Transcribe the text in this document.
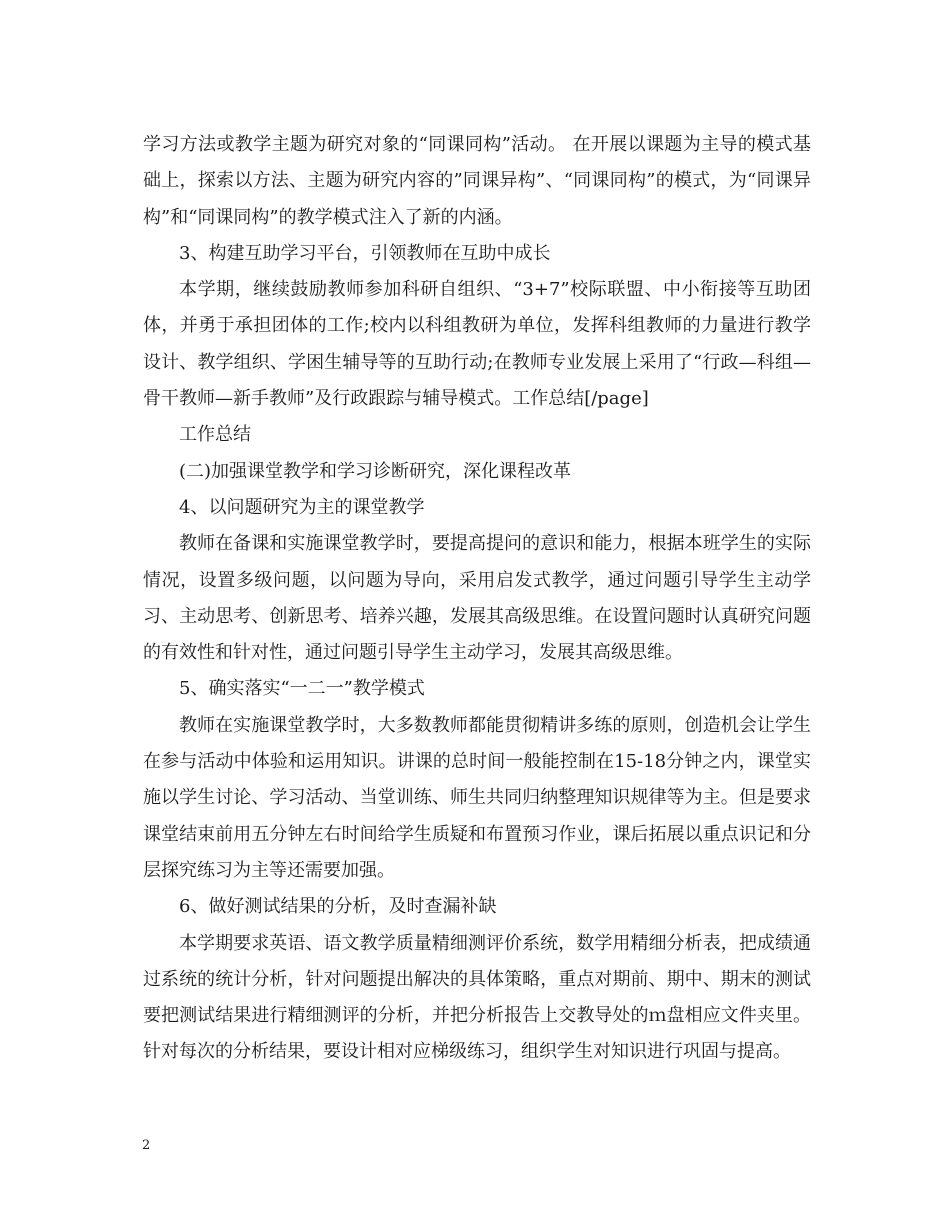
学习方法或教学主题为研究对象的“同课同构”活动。 在开展以课题为主导的模式基础上，探索以方法、主题为研究内容的”同课异构”、“同课同构”的模式，为“同课异构”和“同课同构”的教学模式注入了新的内涵。

3、构建互助学习平台，引领教师在互助中成长

本学期，继续鼓励教师参加科研自组织、“3+7”校际联盟、中小衔接等互助团体，并勇于承担团体的工作;校内以科组教研为单位，发挥科组教师的力量进行教学设计、教学组织、学困生辅导等的互助行动;在教师专业发展上采用了“行政—科组—骨干教师—新手教师”及行政跟踪与辅导模式。工作总结[/page]

工作总结

(二)加强课堂教学和学习诊断研究，深化课程改革

4、以问题研究为主的课堂教学

教师在备课和实施课堂教学时，要提高提问的意识和能力，根据本班学生的实际情况，设置多级问题，以问题为导向，采用启发式教学，通过问题引导学生主动学习、主动思考、创新思考、培养兴趣，发展其高级思维。在设置问题时认真研究问题的有效性和针对性，通过问题引导学生主动学习，发展其高级思维。

5、确实落实“一二一”教学模式

教师在实施课堂教学时，大多数教师都能贯彻精讲多练的原则，创造机会让学生在参与活动中体验和运用知识。讲课的总时间一般能控制在15-18分钟之内，课堂实施以学生讨论、学习活动、当堂训练、师生共同归纳整理知识规律等为主。但是要求课堂结束前用五分钟左右时间给学生质疑和布置预习作业，课后拓展以重点识记和分层探究练习为主等还需要加强。

6、做好测试结果的分析，及时查漏补缺

本学期要求英语、语文教学质量精细测评价系统，数学用精细分析表，把成绩通过系统的统计分析，针对问题提出解决的具体策略，重点对期前、期中、期末的测试要把测试结果进行精细测评的分析，并把分析报告上交教导处的ｍ盘相应文件夹里。针对每次的分析结果，要设计相对应梯级练习，组织学生对知识进行巩固与提高。

2
